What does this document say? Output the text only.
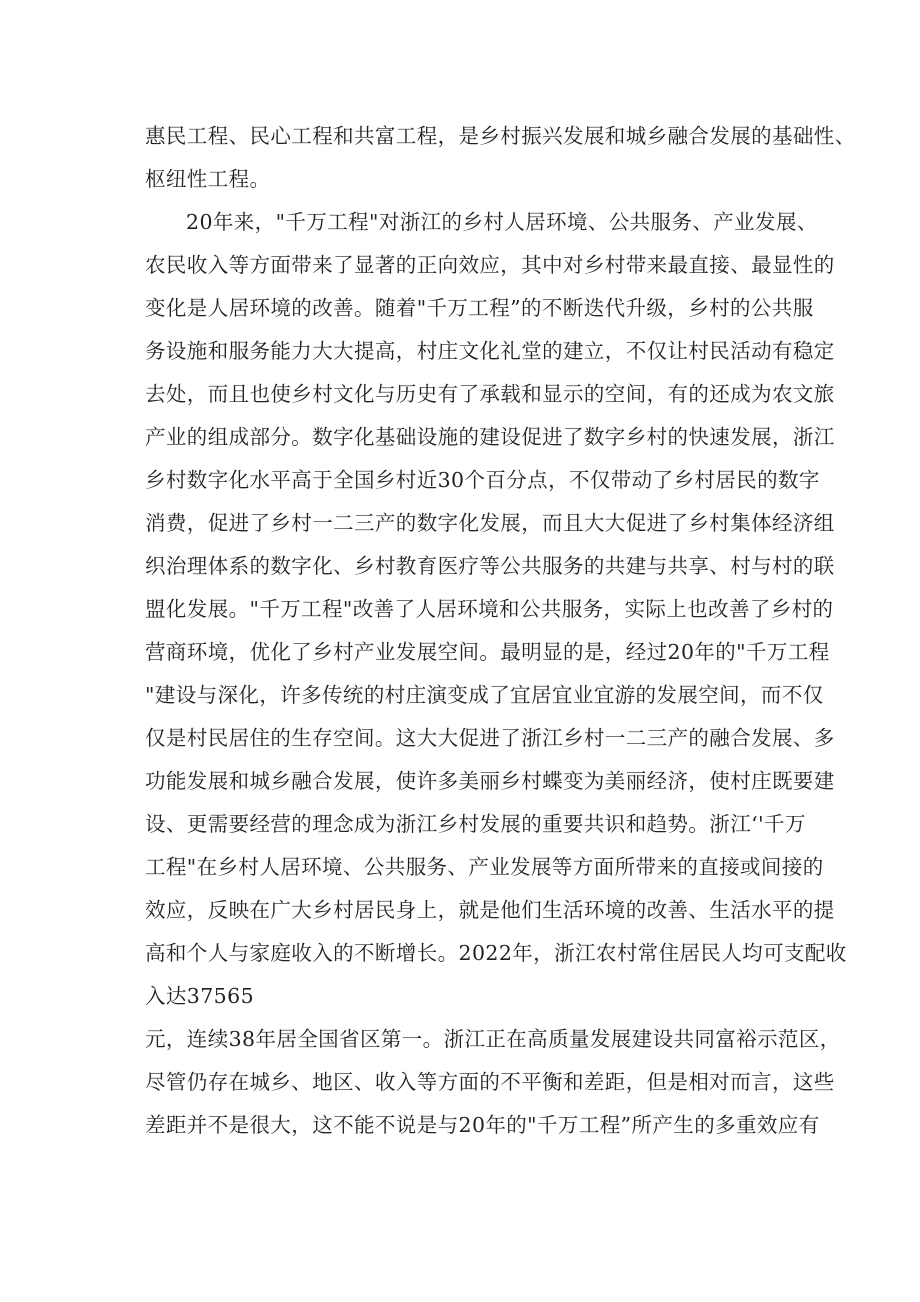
惠民工程、民心工程和共富工程，是乡村振兴发展和城乡融合发展的基础性、
枢纽性工程。
20年来，"千万工程"对浙江的乡村人居环境、公共服务、产业发展、
农民收入等方面带来了显著的正向效应，其中对乡村带来最直接、最显性的
变化是人居环境的改善。随着"千万工程”的不断迭代升级，乡村的公共服
务设施和服务能力大大提高，村庄文化礼堂的建立，不仅让村民活动有稳定
去处，而且也使乡村文化与历史有了承载和显示的空间，有的还成为农文旅
产业的组成部分。数字化基础设施的建设促进了数字乡村的快速发展，浙江
乡村数字化水平高于全国乡村近30个百分点，不仅带动了乡村居民的数字
消费，促进了乡村一二三产的数字化发展，而且大大促进了乡村集体经济组
织治理体系的数字化、乡村教育医疗等公共服务的共建与共享、村与村的联
盟化发展。"千万工程"改善了人居环境和公共服务，实际上也改善了乡村的
营商环境，优化了乡村产业发展空间。最明显的是，经过20年的"千万工程
"建设与深化，许多传统的村庄演变成了宜居宜业宜游的发展空间，而不仅
仅是村民居住的生存空间。这大大促进了浙江乡村一二三产的融合发展、多
功能发展和城乡融合发展，使许多美丽乡村蝶变为美丽经济，使村庄既要建
设、更需要经营的理念成为浙江乡村发展的重要共识和趋势。浙江‘'千万
工程"在乡村人居环境、公共服务、产业发展等方面所带来的直接或间接的
效应，反映在广大乡村居民身上，就是他们生活环境的改善、生活水平的提
高和个人与家庭收入的不断增长。2022年，浙江农村常住居民人均可支配收
入达37565
元，连续38年居全国省区第一。浙江正在高质量发展建设共同富裕示范区，
尽管仍存在城乡、地区、收入等方面的不平衡和差距，但是相对而言，这些
差距并不是很大，这不能不说是与20年的"千万工程”所产生的多重效应有
